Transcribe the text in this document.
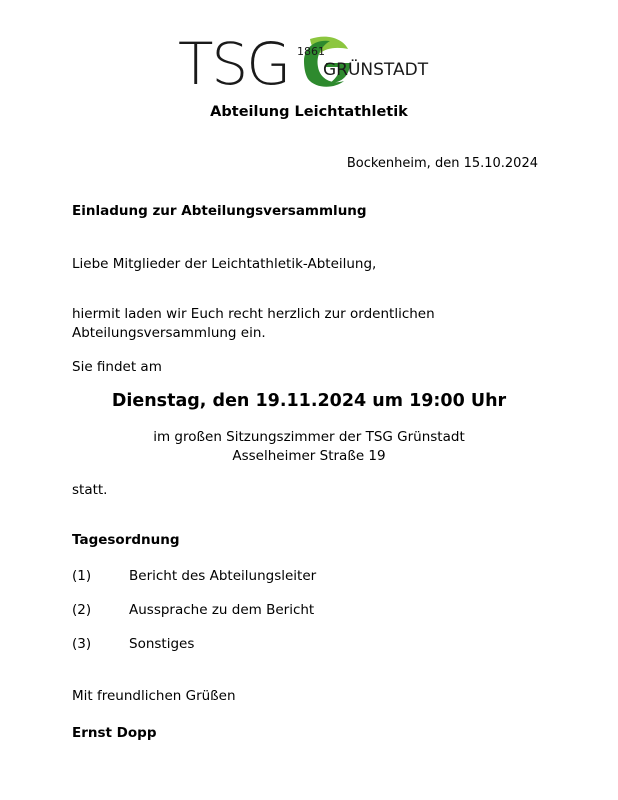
TSG 1861
GRÜNSTADT
Abteilung Leichtathletik
Bockenheim, den 15.10.2024
Einladung zur Abteilungsversammlung
Liebe Mitglieder der Leichtathletik-Abteilung,
hiermit laden wir Euch recht herzlich zur ordentlichen
Abteilungsversammlung ein.
Sie findet am
Dienstag, den 19.11.2024 um 19:00 Uhr
im großen Sitzungszimmer der TSG Grünstadt
Asselheimer Straße 19
statt.
Tagesordnung
(1)	Bericht des Abteilungsleiter
(2)	Aussprache zu dem Bericht
(3)	Sonstiges
Mit freundlichen Grüßen
Ernst Dopp
